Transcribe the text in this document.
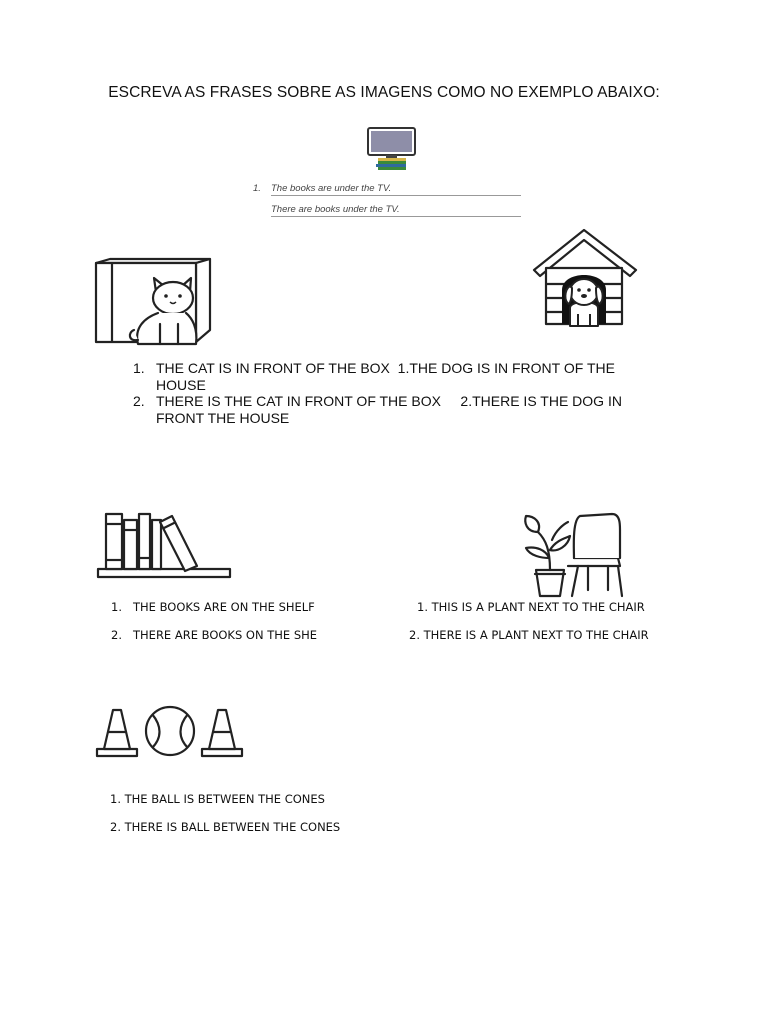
ESCREVA AS FRASES SOBRE AS IMAGENS COMO NO EXEMPLO ABAIXO:
1. The books are under the TV.
There are books under the TV.
1. THE CAT IS IN FRONT OF THE BOX  1.THE DOG IS IN FRONT OF THE
HOUSE
2. THERE IS THE CAT IN FRONT OF THE BOX     2.THERE IS THE DOG IN
FRONT THE HOUSE
1. THE BOOKS ARE ON THE SHELF
2. THERE ARE BOOKS ON THE SHE
1. THIS IS A PLANT NEXT TO THE CHAIR
2. THERE IS A PLANT NEXT TO THE CHAIR
1. THE BALL IS BETWEEN THE CONES
2. THERE IS BALL BETWEEN THE CONES
